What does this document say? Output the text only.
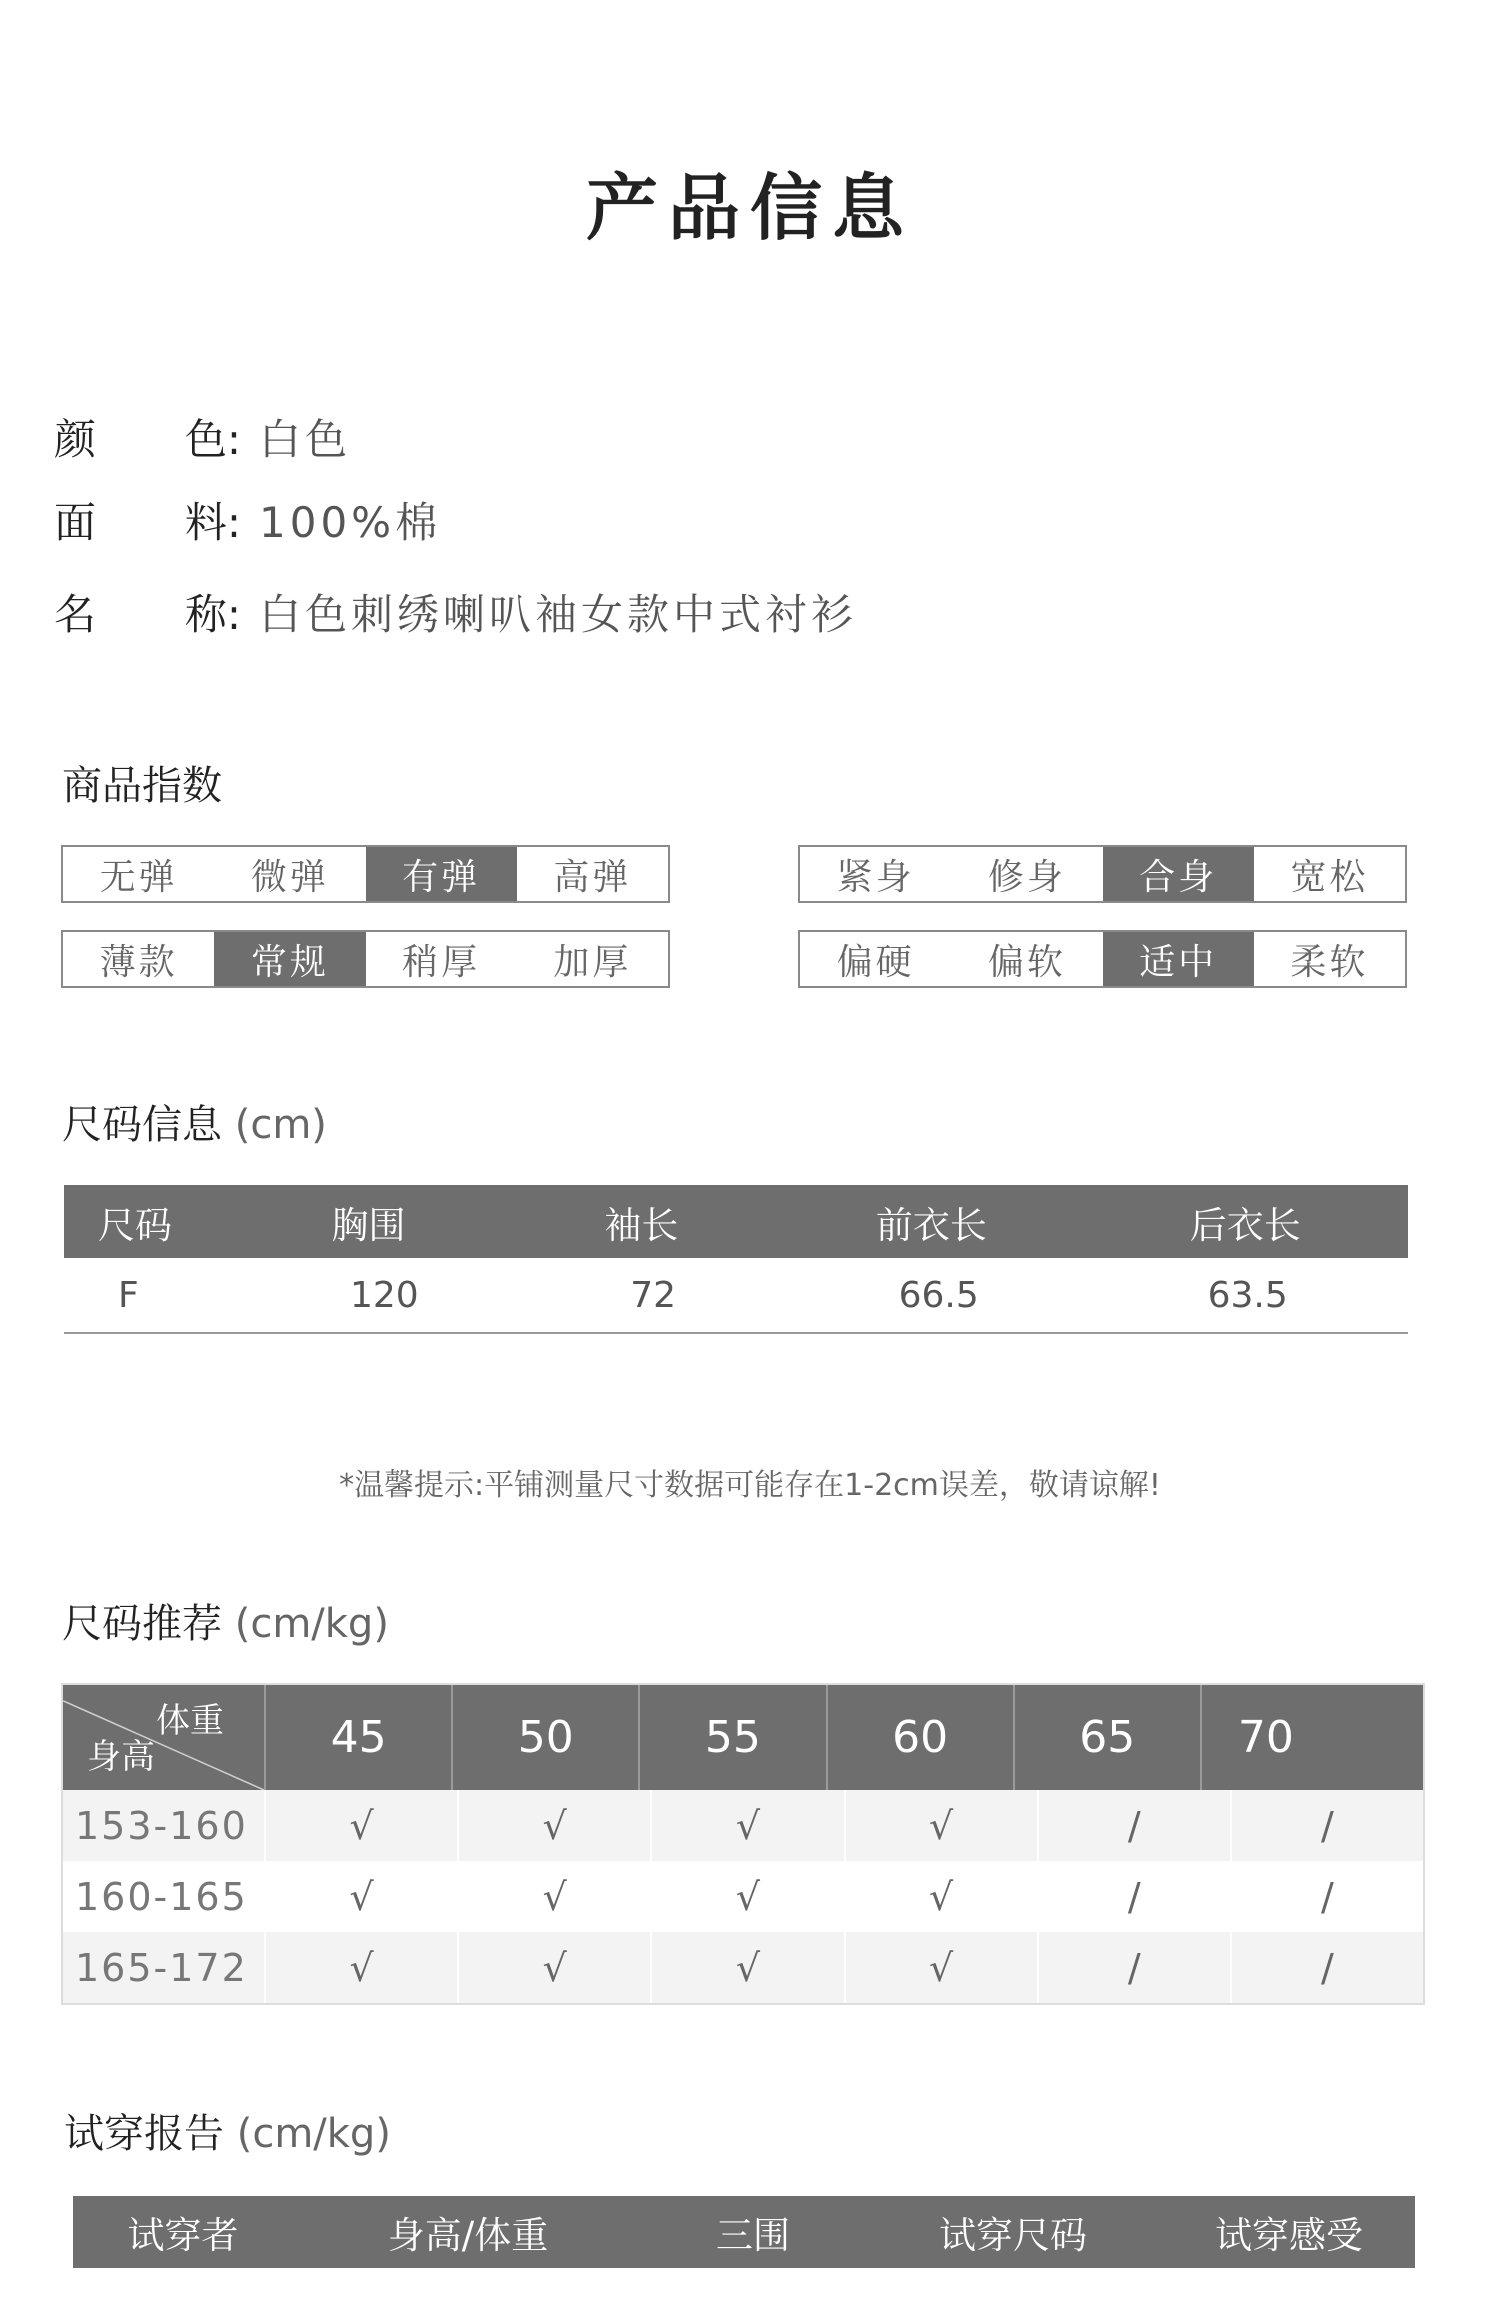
产品信息
颜 色: 白色
面 料: 100%棉
名 称: 白色刺绣喇叭袖女款中式衬衫
商品指数
无弹	微弹	有弹	高弹	紧身	修身	合身	宽松
薄款	常规	稍厚	加厚	偏硬	偏软	适中	柔软
尺码信息 (cm)
尺码	胸围	袖长	前衣长	后衣长
F	120	72	66.5	63.5
*温馨提示:平铺测量尺寸数据可能存在1-2cm误差，敬请谅解!
尺码推荐 (cm/kg)
体重
身高	45	50	55	60	65	70
153-160	√	√	√	√	/	/
160-165	√	√	√	√	/	/
165-172	√	√	√	√	/	/
试穿报告 (cm/kg)
试穿者	身高/体重	三围	试穿尺码	试穿感受
